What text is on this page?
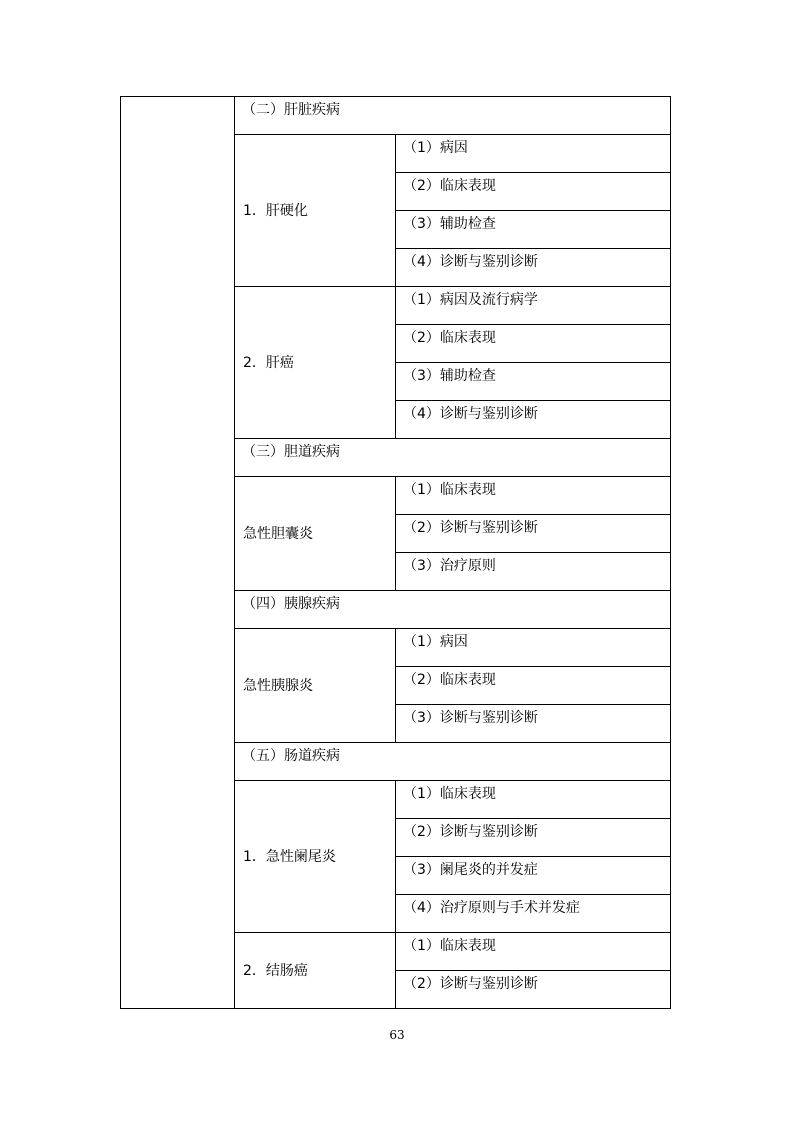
	（二）肝脏疾病	
	1．肝硬化	（1）病因
		（2）临床表现
		（3）辅助检查
		（4）诊断与鉴别诊断
	2．肝癌	（1）病因及流行病学
		（2）临床表现
		（3）辅助检查
		（4）诊断与鉴别诊断
	（三）胆道疾病	
	急性胆囊炎	（1）临床表现
		（2）诊断与鉴别诊断
		（3）治疗原则
	（四）胰腺疾病	
	急性胰腺炎	（1）病因
		（2）临床表现
		（3）诊断与鉴别诊断
	（五）肠道疾病	
	1．急性阑尾炎	（1）临床表现
		（2）诊断与鉴别诊断
		（3）阑尾炎的并发症
		（4）治疗原则与手术并发症
	2．结肠癌	（1）临床表现
		（2）诊断与鉴别诊断
63
